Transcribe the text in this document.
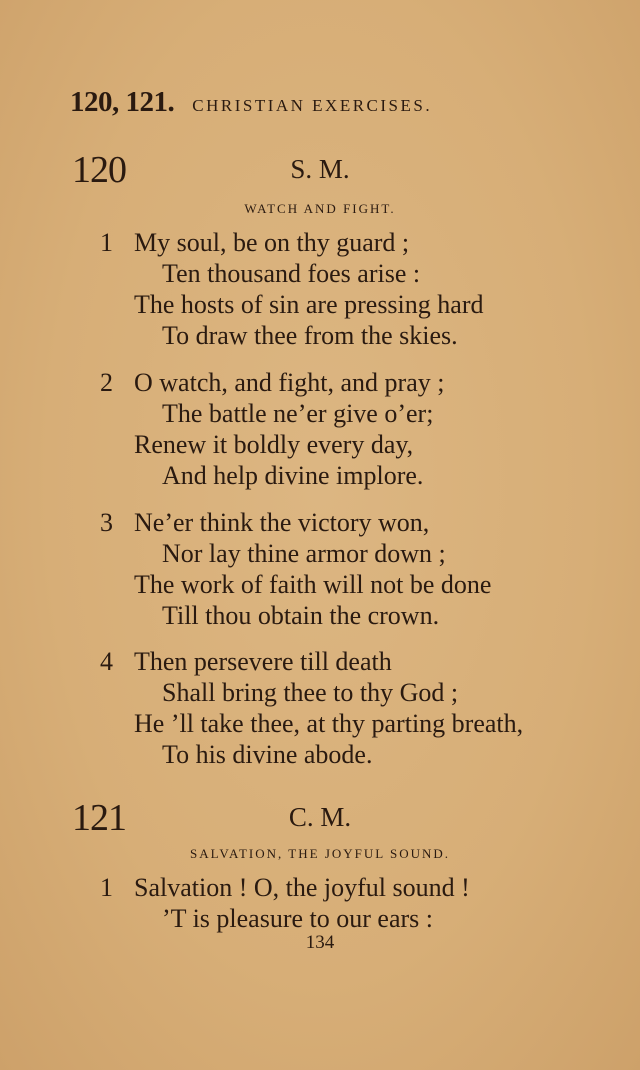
120, 121. CHRISTIAN EXERCISES.
120	S. M.
WATCH AND FIGHT.
1 My soul, be on thy guard ;
Ten thousand foes arise :
The hosts of sin are pressing hard
To draw thee from the skies.
2 O watch, and fight, and pray ;
The battle ne’er give o’er;
Renew it boldly every day,
And help divine implore.
3 Ne’er think the victory won,
Nor lay thine armor down ;
The work of faith will not be done
Till thou obtain the crown.
4 Then persevere till death
Shall bring thee to thy God ;
He ’ll take thee, at thy parting breath,
To his divine abode.
121	C. M.
SALVATION, THE JOYFUL SOUND.
1 Salvation ! O, the joyful sound !
’T is pleasure to our ears :
134
